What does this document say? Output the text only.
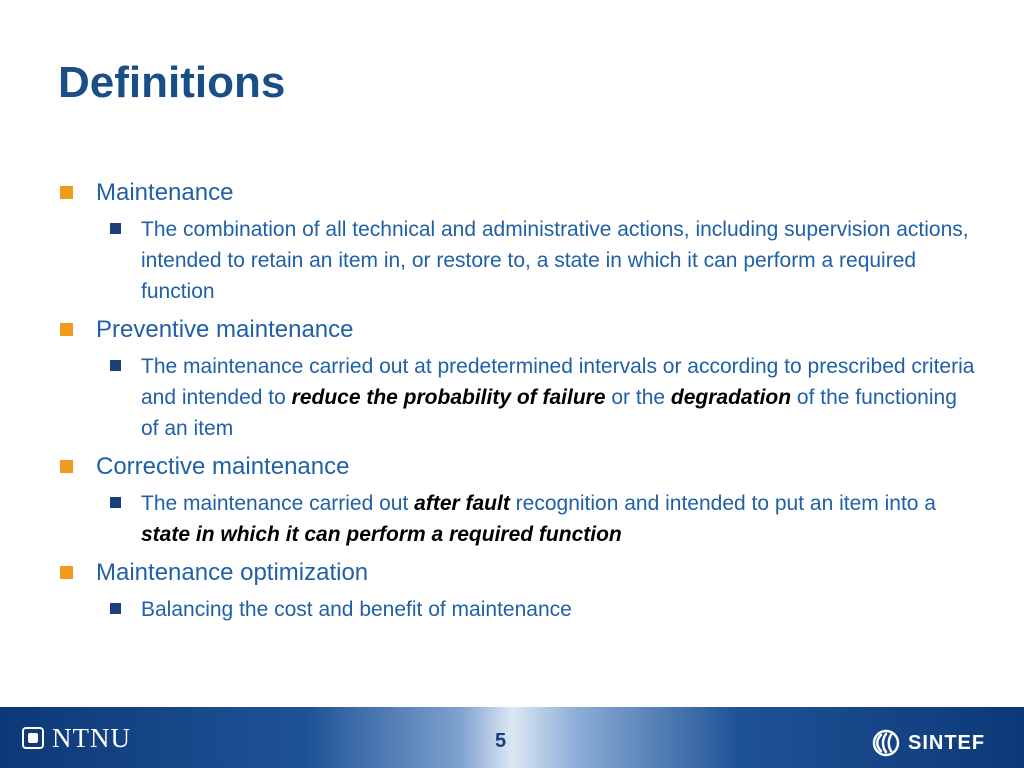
Definitions
Maintenance
The combination of all technical and administrative actions, including supervision actions, intended to retain an item in, or restore to, a state in which it can perform a required function
Preventive maintenance
The maintenance carried out at predetermined intervals or according to prescribed criteria and intended to reduce the probability of failure or the degradation of the functioning of an item
Corrective maintenance
The maintenance carried out after fault recognition and intended to put an item into a state in which it can perform a required function
Maintenance optimization
Balancing the cost and benefit of maintenance
NTNU	5	SINTEF
